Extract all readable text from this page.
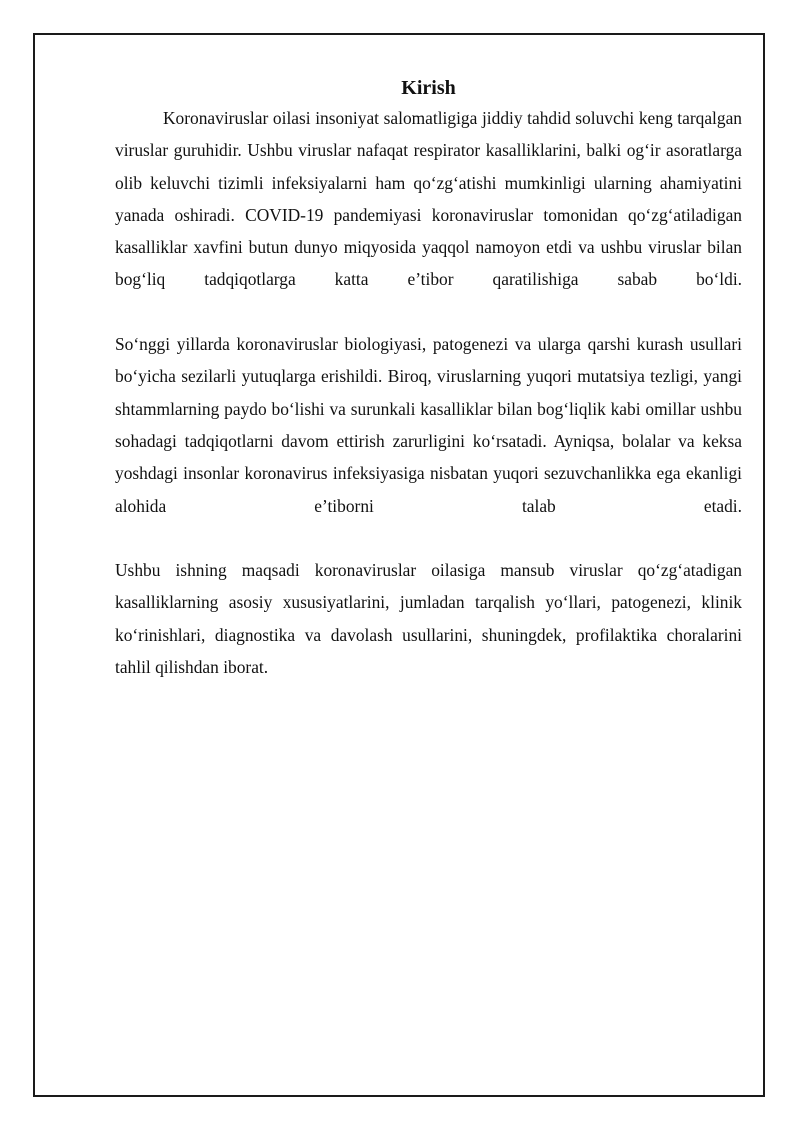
Kirish

Koronaviruslar oilasi insoniyat salomatligiga jiddiy tahdid soluvchi keng tarqalgan viruslar guruhidir. Ushbu viruslar nafaqat respirator kasalliklarini, balki og‘ir asoratlarga olib keluvchi tizimli infeksiyalarni ham qo‘zg‘atishi mumkinligi ularning ahamiyatini yanada oshiradi. COVID-19 pandemiyasi koronaviruslar tomonidan qo‘zg‘atiladigan kasalliklar xavfini butun dunyo miqyosida yaqqol namoyon etdi va ushbu viruslar bilan bog‘liq tadqiqotlarga katta e’tibor qaratilishiga sabab bo‘ldi.

So‘nggi yillarda koronaviruslar biologiyasi, patogenezi va ularga qarshi kurash usullari bo‘yicha sezilarli yutuqlarga erishildi. Biroq, viruslarning yuqori mutatsiya tezligi, yangi shtammlarning paydo bo‘lishi va surunkali kasalliklar bilan bog‘liqlik kabi omillar ushbu sohadagi tadqiqotlarni davom ettirish zarurligini ko‘rsatadi. Ayniqsa, bolalar va keksa yoshdagi insonlar koronavirus infeksiyasiga nisbatan yuqori sezuvchanlikka ega ekanligi alohida e’tiborni talab etadi.

Ushbu ishning maqsadi koronaviruslar oilasiga mansub viruslar qo‘zg‘atadigan kasalliklarning asosiy xususiyatlarini, jumladan tarqalish yo‘llari, patogenezi, klinik ko‘rinishlari, diagnostika va davolash usullarini, shuningdek, profilaktika choralarini tahlil qilishdan iborat.
